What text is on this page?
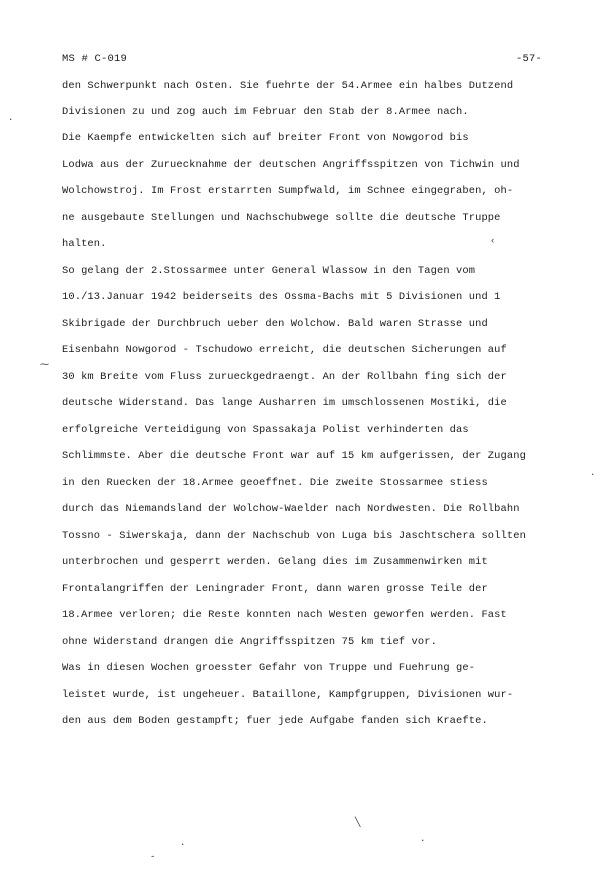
MS # C-019	-57-
den Schwerpunkt nach Osten. Sie fuehrte der 54.Armee ein halbes Dutzend
Divisionen zu und zog auch im Februar den Stab der 8.Armee nach.
Die Kaempfe entwickelten sich auf breiter Front von Nowgorod bis
Lodwa aus der Zuruecknahme der deutschen Angriffsspitzen von Tichwin und
Wolchowstroj. Im Frost erstarrten Sumpfwald, im Schnee eingegraben, oh-
ne ausgebaute Stellungen und Nachschubwege sollte die deutsche Truppe
halten.
So gelang der 2.Stossarmee unter General Wlassow in den Tagen vom
10./13.Januar 1942 beiderseits des Ossma-Bachs mit 5 Divisionen und 1
Skibrigade der Durchbruch ueber den Wolchow. Bald waren Strasse und
Eisenbahn Nowgorod - Tschudowo erreicht, die deutschen Sicherungen auf
30 km Breite vom Fluss zurueckgedraengt. An der Rollbahn fing sich der
deutsche Widerstand. Das lange Ausharren im umschlossenen Mostiki, die
erfolgreiche Verteidigung von Spassakaja Polist verhinderten das
Schlimmste. Aber die deutsche Front war auf 15 km aufgerissen, der Zugang
in den Ruecken der 18.Armee geoeffnet. Die zweite Stossarmee stiess
durch das Niemandsland der Wolchow-Waelder nach Nordwesten. Die Rollbahn
Tossno - Siwerskaja, dann der Nachschub von Luga bis Jaschtschera sollten
unterbrochen und gesperrt werden. Gelang dies im Zusammenwirken mit
Frontalangriffen der Leningrader Front, dann waren grosse Teile der
18.Armee verloren; die Reste konnten nach Westen geworfen werden. Fast
ohne Widerstand drangen die Angriffsspitzen 75 km tief vor.
Was in diesen Wochen groesster Gefahr von Truppe und Fuehrung ge-
leistet wurde, ist ungeheuer. Bataillone, Kampfgruppen, Divisionen wur-
den aus dem Boden gestampft; fuer jede Aufgabe fanden sich Kraefte.
·
‹
⁓
·
╲
·
·
-
